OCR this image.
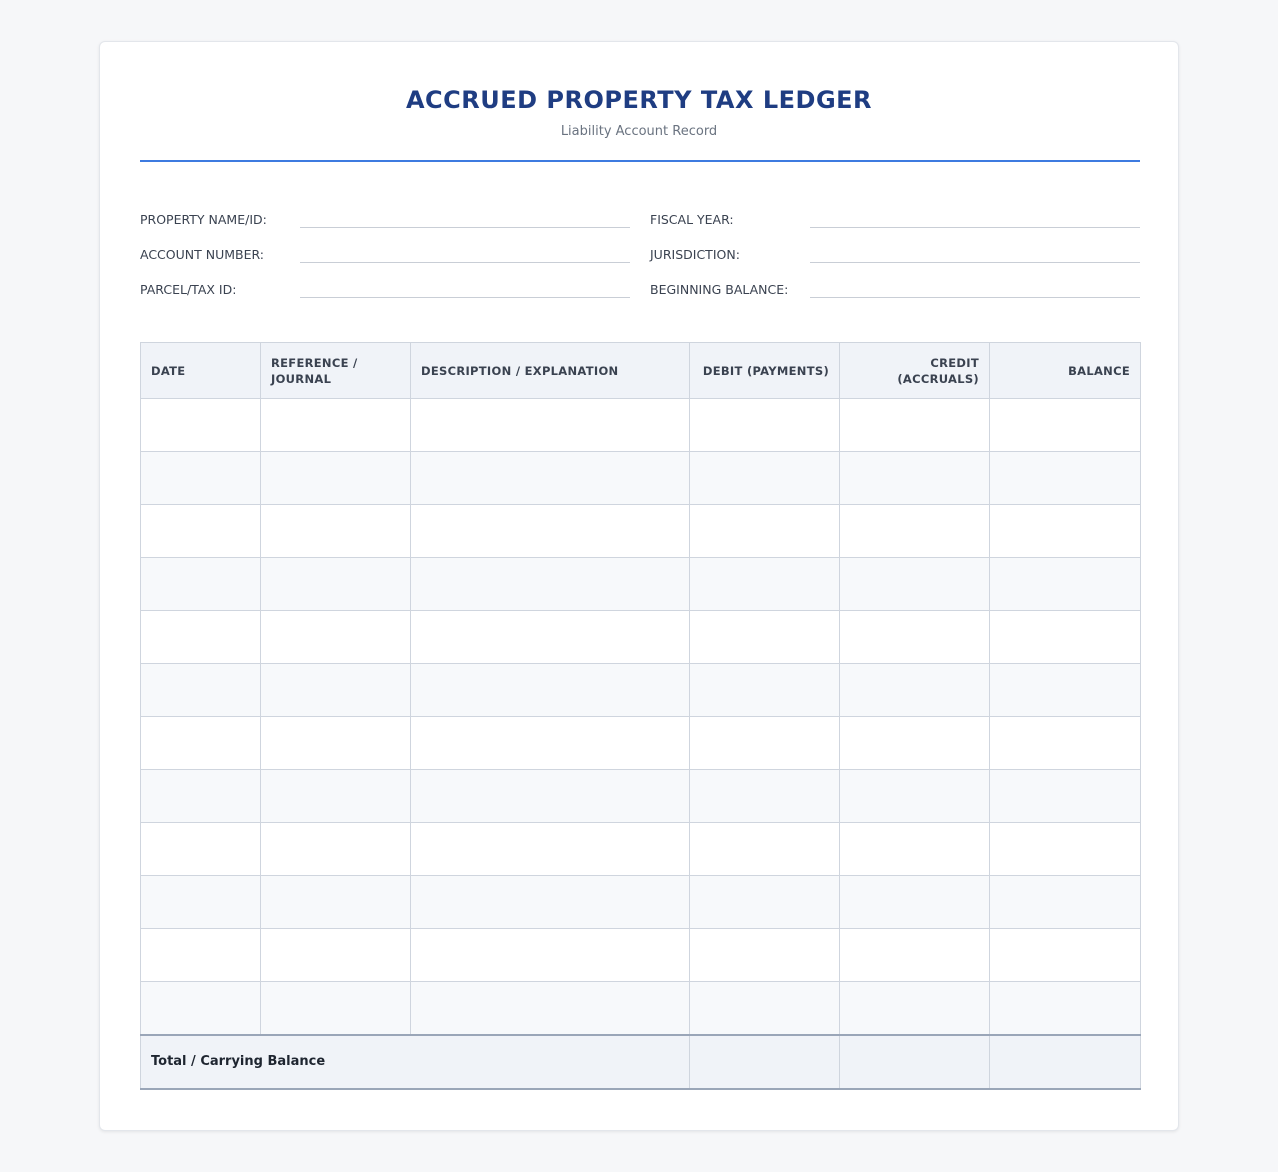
ACCRUED PROPERTY TAX LEDGER

Liability Account Record

PROPERTY NAME/ID:
ACCOUNT NUMBER:
PARCEL/TAX ID:
FISCAL YEAR:
JURISDICTION:
BEGINNING BALANCE:
DATE	REFERENCE / JOURNAL	DESCRIPTION / EXPLANATION	DEBIT (PAYMENTS)	CREDIT (ACCRUALS)	BALANCE

Total / Carrying Balance					
